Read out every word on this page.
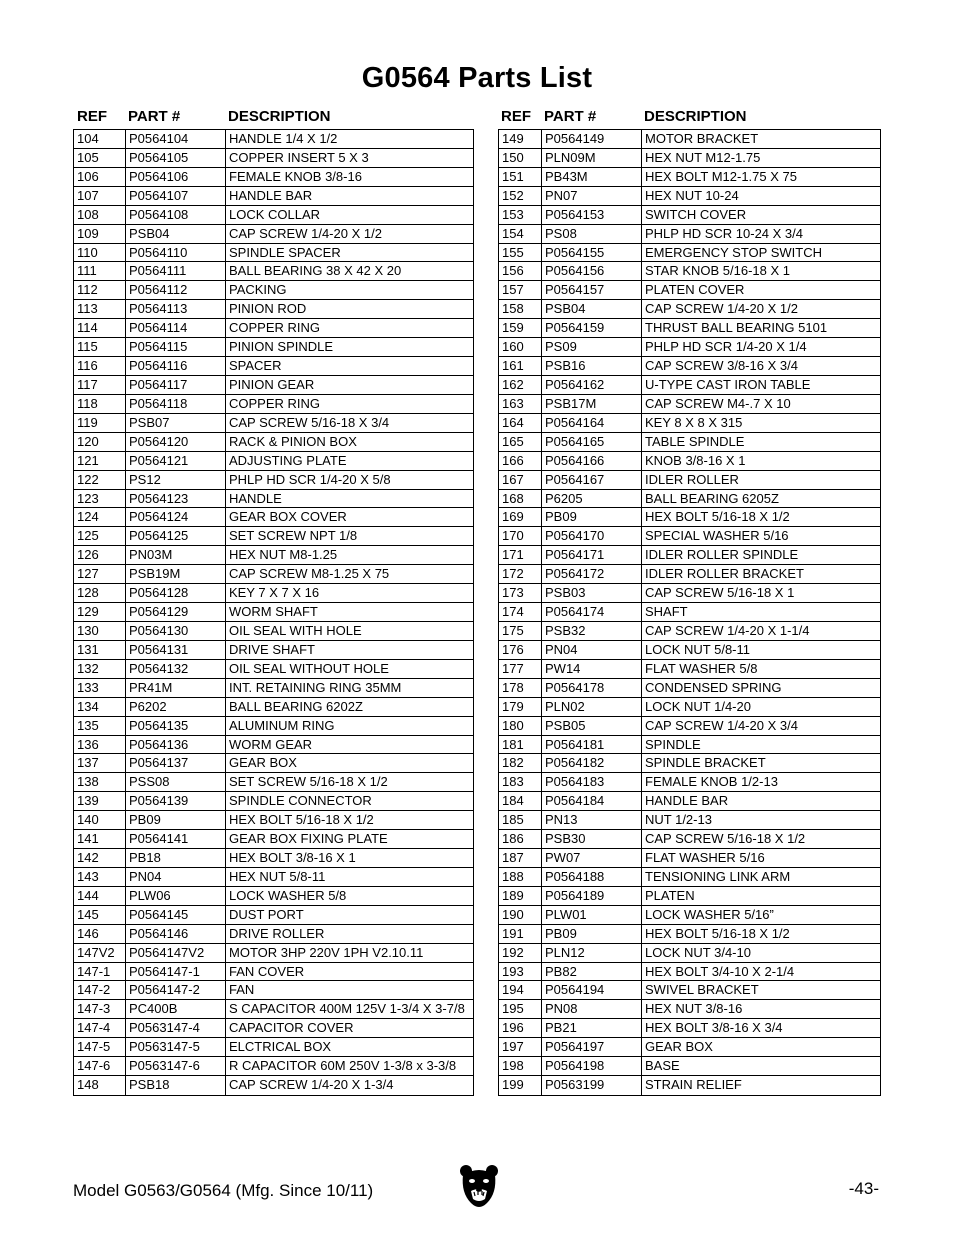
G0564 Parts List
REF PART #	DESCRIPTION
104	P0564104	HANDLE 1/4 X 1/2
105	P0564105	COPPER INSERT 5 X 3
106	P0564106	FEMALE KNOB 3/8-16
107	P0564107	HANDLE BAR
108	P0564108	LOCK COLLAR
109	PSB04	CAP SCREW 1/4-20 X 1/2
110	P0564110	SPINDLE SPACER
111	P0564111	BALL BEARING 38 X 42 X 20
112	P0564112	PACKING
113	P0564113	PINION ROD
114	P0564114	COPPER RING
115	P0564115	PINION SPINDLE
116	P0564116	SPACER
117	P0564117	PINION GEAR
118	P0564118	COPPER RING
119	PSB07	CAP SCREW 5/16-18 X 3/4
120	P0564120	RACK & PINION BOX
121	P0564121	ADJUSTING PLATE
122	PS12	PHLP HD SCR 1/4-20 X 5/8
123	P0564123	HANDLE
124	P0564124	GEAR BOX COVER
125	P0564125	SET SCREW NPT 1/8
126	PN03M	HEX NUT M8-1.25
127	PSB19M	CAP SCREW M8-1.25 X 75
128	P0564128	KEY 7 X 7 X 16
129	P0564129	WORM SHAFT
130	P0564130	OIL SEAL WITH HOLE
131	P0564131	DRIVE SHAFT
132	P0564132	OIL SEAL WITHOUT HOLE
133	PR41M	INT. RETAINING RING 35MM
134	P6202	BALL BEARING 6202Z
135	P0564135	ALUMINUM RING
136	P0564136	WORM GEAR
137	P0564137	GEAR BOX
138	PSS08	SET SCREW 5/16-18 X 1/2
139	P0564139	SPINDLE CONNECTOR
140	PB09	HEX BOLT 5/16-18 X 1/2
141	P0564141	GEAR BOX FIXING PLATE
142	PB18	HEX BOLT 3/8-16 X 1
143	PN04	HEX NUT 5/8-11
144	PLW06	LOCK WASHER 5/8
145	P0564145	DUST PORT
146	P0564146	DRIVE ROLLER
147V2	P0564147V2	MOTOR 3HP 220V 1PH V2.10.11
147-1	P0564147-1	FAN COVER
147-2	P0564147-2	FAN
147-3	PC400B	S CAPACITOR 400M 125V 1-3/4 X 3-7/8
147-4	P0563147-4	CAPACITOR COVER
147-5	P0563147-5	ELCTRICAL BOX
147-6	P0563147-6	R CAPACITOR 60M 250V 1-3/8 x 3-3/8
148	PSB18	CAP SCREW 1/4-20 X 1-3/4
REF PART #	DESCRIPTION
149	P0564149	MOTOR BRACKET
150	PLN09M	HEX NUT M12-1.75
151	PB43M	HEX BOLT M12-1.75 X 75
152	PN07	HEX NUT 10-24
153	P0564153	SWITCH COVER
154	PS08	PHLP HD SCR 10-24 X 3/4
155	P0564155	EMERGENCY STOP SWITCH
156	P0564156	STAR KNOB 5/16-18 X 1
157	P0564157	PLATEN COVER
158	PSB04	CAP SCREW 1/4-20 X 1/2
159	P0564159	THRUST BALL BEARING 5101
160	PS09	PHLP HD SCR 1/4-20 X 1/4
161	PSB16	CAP SCREW 3/8-16 X 3/4
162	P0564162	U-TYPE CAST IRON TABLE
163	PSB17M	CAP SCREW M4-.7 X 10
164	P0564164	KEY 8 X 8 X 315
165	P0564165	TABLE SPINDLE
166	P0564166	KNOB 3/8-16 X 1
167	P0564167	IDLER ROLLER
168	P6205	BALL BEARING 6205Z
169	PB09	HEX BOLT 5/16-18 X 1/2
170	P0564170	SPECIAL WASHER 5/16
171	P0564171	IDLER ROLLER SPINDLE
172	P0564172	IDLER ROLLER BRACKET
173	PSB03	CAP SCREW 5/16-18 X 1
174	P0564174	SHAFT
175	PSB32	CAP SCREW 1/4-20 X 1-1/4
176	PN04	LOCK NUT 5/8-11
177	PW14	FLAT WASHER 5/8
178	P0564178	CONDENSED SPRING
179	PLN02	LOCK NUT 1/4-20
180	PSB05	CAP SCREW 1/4-20 X 3/4
181	P0564181	SPINDLE
182	P0564182	SPINDLE BRACKET
183	P0564183	FEMALE KNOB 1/2-13
184	P0564184	HANDLE BAR
185	PN13	NUT 1/2-13
186	PSB30	CAP SCREW 5/16-18 X 1/2
187	PW07	FLAT WASHER 5/16
188	P0564188	TENSIONING LINK ARM
189	P0564189	PLATEN
190	PLW01	LOCK WASHER 5/16”
191	PB09	HEX BOLT 5/16-18 X 1/2
192	PLN12	LOCK NUT 3/4-10
193	PB82	HEX BOLT 3/4-10 X 2-1/4
194	P0564194	SWIVEL BRACKET
195	PN08	HEX NUT 3/8-16
196	PB21	HEX BOLT 3/8-16 X 3/4
197	P0564197	GEAR BOX
198	P0564198	BASE
199	P0563199	STRAIN RELIEF
Model G0563/G0564 (Mfg. Since 10/11)	-43-
